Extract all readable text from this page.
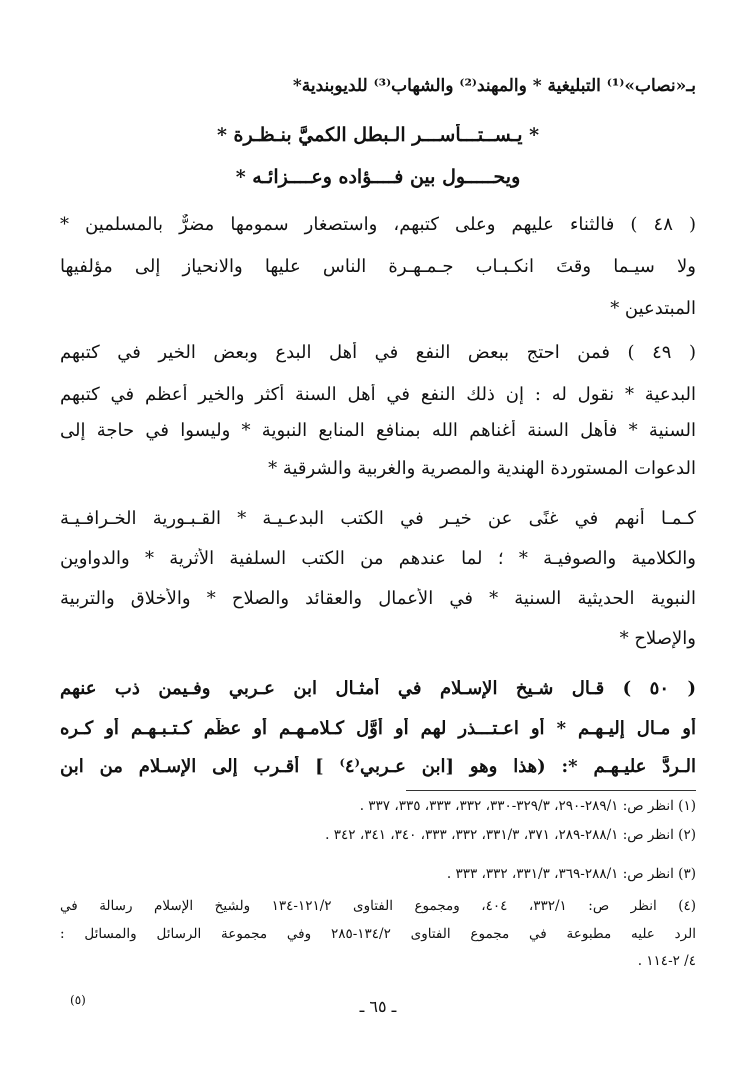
بـ«نصاب»⁽¹⁾ التبليغية * والمهند⁽²⁾ والشهاب⁽³⁾ للديوبندية*
* يـســتـــأســـر الـبطل الكميَّ بنـظـرة *
ويحـــــول بين فــــؤاده وعــــزائـه *
( ٤٨ ) فالثناء عليهم وعلى كتبهم، واستصغار سمومها مضرٌّ بالمسلمين *
ولا سيـما وقتَ انكـبـاب جـمـهـرة الناس عليها والانحياز إلى مؤلفيها
المبتدعين *
( ٤٩ ) فمن احتج ببعض النفع في أهل البدع وبعض الخير في كتبهم
البدعية * نقول له : إن ذلك النفع في أهل السنة أكثر والخير أعظم في كتبهم
السنية * فأهل السنة أغناهم الله بمنافع المنابع النبوية * وليسوا في حاجة إلى
الدعوات المستوردة الهندية والمصرية والغربية والشرقية *
كـمـا أنهم في غنًى عن خيـر في الكتب البدعـيـة * القـبـورية الخـرافـيـة
والكلامية والصوفيـة * ؛ لما عندهم من الكتب السلفية الأثرية * والدواوين
النبوية الحديثية السنية * في الأعمال والعقائد والصلاح * والأخلاق والتربية
والإصلاح *
( ٥٠ ) قـال شـيخ الإسـلام في أمثـال ابن عـربي وفـيمن ذب عنهم
أو مـال إليـهـم * أو اعـتـــذر لهم أو أوَّل كـلامـهـم أو عظَّم كـتـبـهـم أو كـره
الـردَّ عليـهـم *: (هذا وهو [ابن عـربي⁽٤⁾ ] أقـرب إلى الإسـلام من ابن
(١) انظر ص: ٢٨٩/١-٢٩٠، ٣٢٩/٣-٣٣٠، ٣٣٢، ٣٣٣، ٣٣٥، ٣٣٧ .
(٢) انظر ص: ٢٨٨/١-٢٨٩، ٣٧١، ٣٣١/٣، ٣٣٢، ٣٣٣، ٣٤٠، ٣٤١، ٣٤٢ .
(٣) انظر ص: ٢٨٨/١-٣٦٩، ٣٣١/٣، ٣٣٢، ٣٣٣ .
(٤) انظر ص: ٣٣٢/١، ٤٠٤، ومجموع الفتاوى ١٢١/٢-١٣٤ ولشيخ الإسلام رسالة في
الرد عليه مطبوعة في مجموع الفتاوى ١٣٤/٢-٢٨٥ وفي مجموعة الرسائل والمسائل :
٤/ ٢-١١٤ .
(٥)	ـ ٦٥ ـ
